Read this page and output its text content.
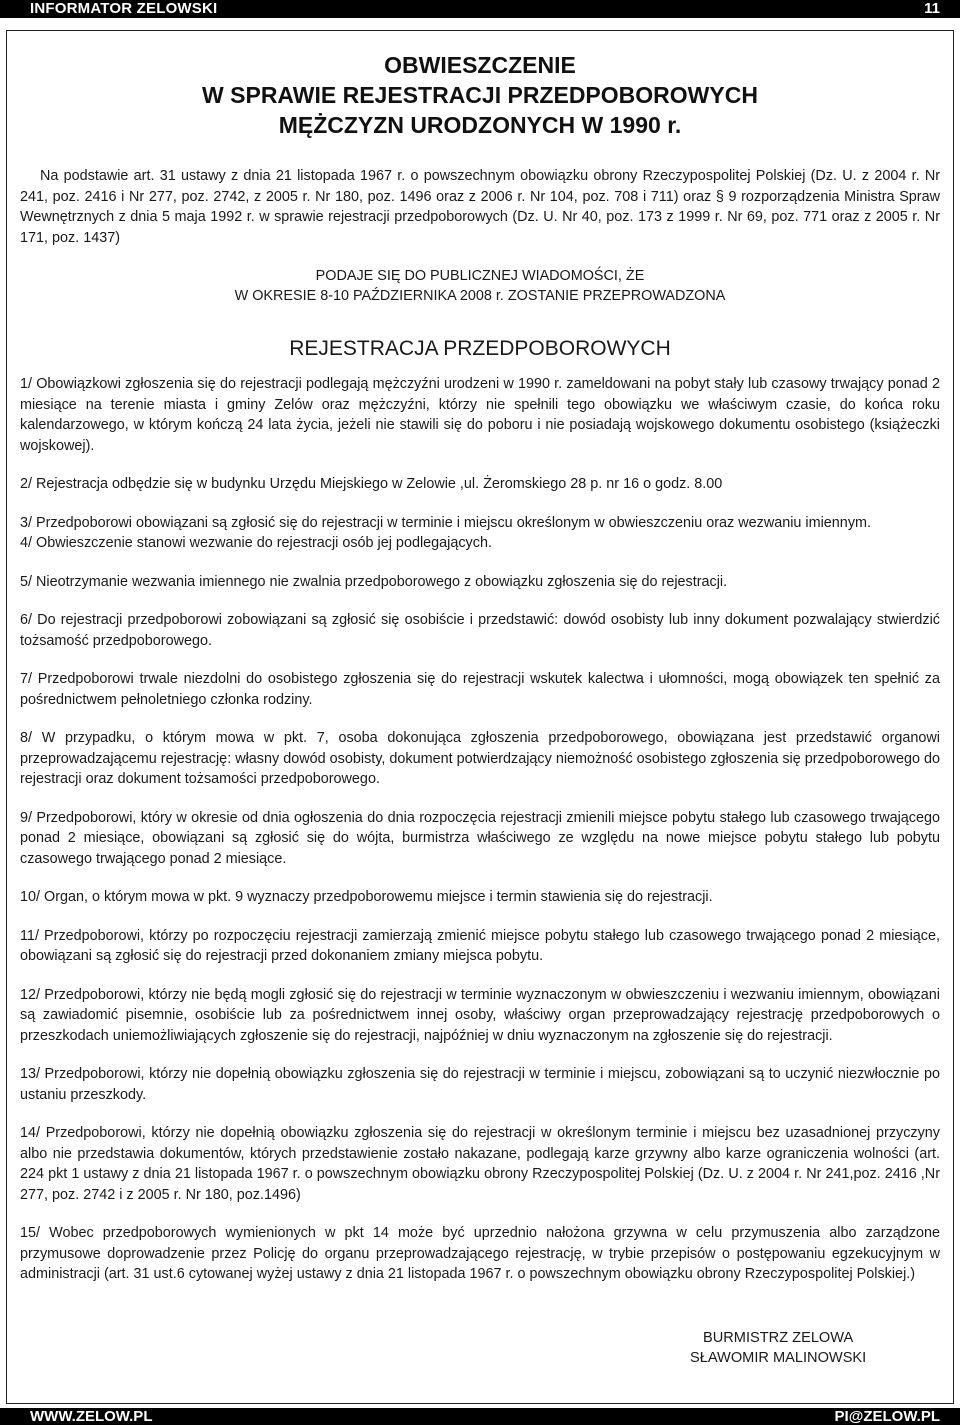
INFORMATOR ZELOWSKI	11
OBWIESZCZENIE
W SPRAWIE REJESTRACJI PRZEDPOBOROWYCH
MĘŻCZYZN URODZONYCH W 1990 r.

Na podstawie art. 31 ustawy z dnia 21 listopada 1967 r. o powszechnym obowiązku obrony Rzeczypospolitej Polskiej (Dz. U. z 2004 r. Nr 241, poz. 2416 i Nr 277, poz. 2742, z 2005 r. Nr 180, poz. 1496 oraz z 2006 r. Nr 104, poz. 708 i 711) oraz § 9 rozporządzenia Ministra Spraw Wewnętrznych z dnia 5 maja 1992 r. w sprawie rejestracji przedpoborowych (Dz. U. Nr 40, poz. 173 z 1999 r. Nr 69, poz. 771 oraz z 2005 r. Nr 171, poz. 1437)

PODAJE SIĘ DO PUBLICZNEJ WIADOMOŚCI, ŻE
W OKRESIE 8-10 PAŹDZIERNIKA 2008 r. ZOSTANIE PRZEPROWADZONA
REJESTRACJA PRZEDPOBOROWYCH

1/ Obowiązkowi zgłoszenia się do rejestracji podlegają mężczyźni urodzeni w 1990 r. zameldowani na pobyt stały lub czasowy trwający ponad 2 miesiące na terenie miasta i gminy Zelów oraz mężczyźni, którzy nie spełnili tego obowiązku we właściwym czasie, do końca roku kalendarzowego, w którym kończą 24 lata życia, jeżeli nie stawili się do poboru i nie posiadają wojskowego dokumentu osobistego (książeczki wojskowej).

2/ Rejestracja odbędzie się w budynku Urzędu Miejskiego w Zelowie ,ul. Żeromskiego 28 p. nr 16 o godz. 8.00

3/ Przedpoborowi obowiązani są zgłosić się do rejestracji w terminie i miejscu określonym w obwieszczeniu oraz wezwaniu imiennym.

4/ Obwieszczenie stanowi wezwanie do rejestracji osób jej podlegających.

5/ Nieotrzymanie wezwania imiennego nie zwalnia przedpoborowego z obowiązku zgłoszenia się do rejestracji.

6/ Do rejestracji przedpoborowi zobowiązani są zgłosić się osobiście i przedstawić: dowód osobisty lub inny dokument pozwalający stwierdzić tożsamość przedpoborowego.

7/ Przedpoborowi trwale niezdolni do osobistego zgłoszenia się do rejestracji wskutek kalectwa i ułomności, mogą obowiązek ten spełnić za pośrednictwem pełnoletniego członka rodziny.

8/ W przypadku, o którym mowa w pkt. 7, osoba dokonująca zgłoszenia przedpoborowego, obowiązana jest przedstawić organowi przeprowadzającemu rejestrację: własny dowód osobisty, dokument potwierdzający niemożność osobistego zgłoszenia się przedpoborowego do rejestracji oraz dokument tożsamości przedpoborowego.

9/ Przedpoborowi, który w okresie od dnia ogłoszenia do dnia rozpoczęcia rejestracji zmienili miejsce pobytu stałego lub czasowego trwającego ponad 2 miesiące, obowiązani są zgłosić się do wójta, burmistrza właściwego ze względu na nowe miejsce pobytu stałego lub pobytu czasowego trwającego ponad 2 miesiące.

10/ Organ, o którym mowa w pkt. 9 wyznaczy przedpoborowemu miejsce i termin stawienia się do rejestracji.

11/ Przedpoborowi, którzy po rozpoczęciu rejestracji zamierzają zmienić miejsce pobytu stałego lub czasowego trwającego ponad 2 miesiące, obowiązani są zgłosić się do rejestracji przed dokonaniem zmiany miejsca pobytu.

12/ Przedpoborowi, którzy nie będą mogli zgłosić się do rejestracji w terminie wyznaczonym w obwieszczeniu i wezwaniu imiennym, obowiązani są zawiadomić pisemnie, osobiście lub za pośrednictwem innej osoby, właściwy organ przeprowadzający rejestrację przedpoborowych o przeszkodach uniemożliwiających zgłoszenie się do rejestracji, najpóźniej w dniu wyznaczonym na zgłoszenie się do rejestracji.

13/ Przedpoborowi, którzy nie dopełnią obowiązku zgłoszenia się do rejestracji w terminie i miejscu, zobowiązani są to uczynić niezwłocznie po ustaniu przeszkody.

14/ Przedpoborowi, którzy nie dopełnią obowiązku zgłoszenia się do rejestracji w określonym terminie i miejscu bez uzasadnionej przyczyny albo nie przedstawia dokumentów, których przedstawienie zostało nakazane, podlegają karze grzywny albo karze ograniczenia wolności (art. 224 pkt 1 ustawy z dnia 21 listopada 1967 r. o powszechnym obowiązku obrony Rzeczypospolitej Polskiej (Dz. U. z 2004 r. Nr 241,poz. 2416 ,Nr 277, poz. 2742 i z 2005 r. Nr 180, poz.1496)

15/ Wobec przedpoborowych wymienionych w pkt 14 może być uprzednio nałożona grzywna w celu przymuszenia albo zarządzone przymusowe doprowadzenie przez Policję do organu przeprowadzającego rejestrację, w trybie przepisów o postępowaniu egzekucyjnym w administracji (art. 31 ust.6 cytowanej wyżej ustawy z dnia 21 listopada 1967 r. o powszechnym obowiązku obrony Rzeczypospolitej Polskiej.)

BURMISTRZ ZELOWA
SŁAWOMIR MALINOWSKI
WWW.ZELOW.PL	PI@ZELOW.PL
